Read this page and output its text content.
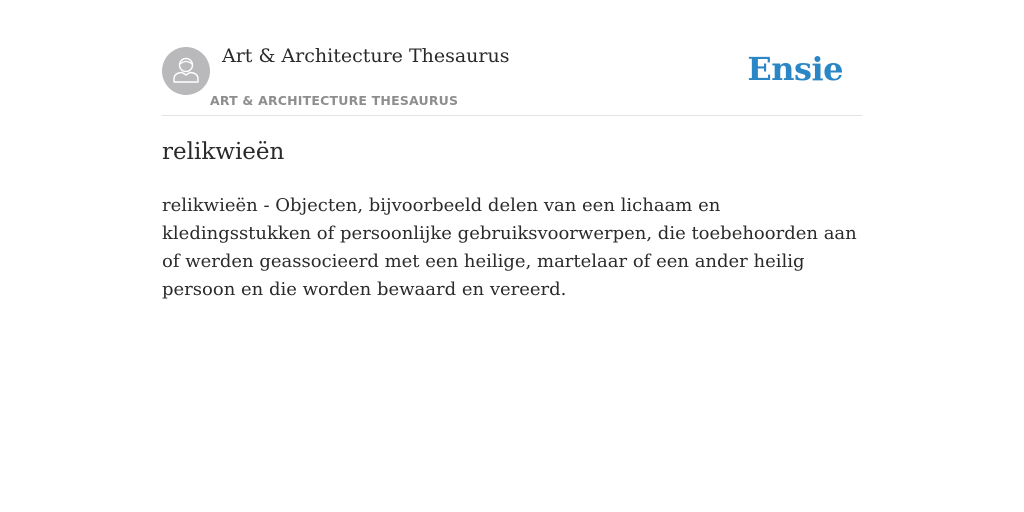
Art & Architecture Thesaurus
ART & ARCHITECTURE THESAURUS
Ensie
relikwieën

relikwieën - Objecten, bijvoorbeeld delen van een lichaam en kledingsstukken of persoonlijke gebruiksvoorwerpen, die toebehoorden aan of werden geassocieerd met een heilige, martelaar of een ander heilig persoon en die worden bewaard en vereerd.
